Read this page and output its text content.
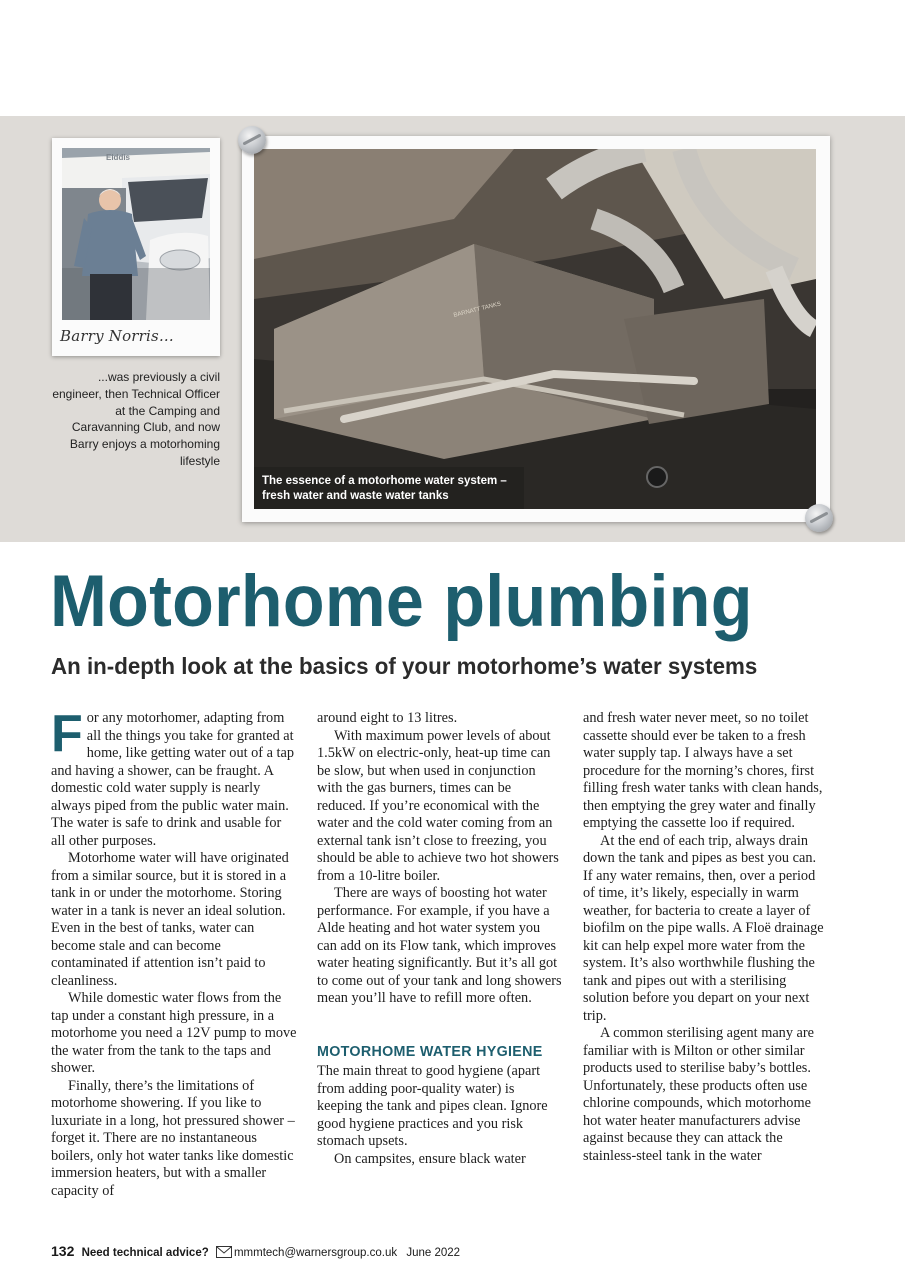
Elddis
Barry Norris...
...was previously a civil engineer, then Technical Officer at the Camping and Caravanning Club, and now Barry enjoys a motorhoming lifestyle
BARNATT TANKS
The essence of a motorhome water system –
fresh water and waste water tanks
Motorhome plumbing
An in-depth look at the basics of your motorhome’s water systems

For any motorhomer, adapting from all the things you take for granted at home, like getting water out of a tap and having a shower, can be fraught. A domestic cold water supply is nearly always piped from the public water main. The water is safe to drink and usable for all other purposes.

Motorhome water will have originated from a similar source, but it is stored in a tank in or under the motorhome. Storing water in a tank is never an ideal solution. Even in the best of tanks, water can become stale and can become contaminated if attention isn’t paid to cleanliness.

While domestic water flows from the tap under a constant high pressure, in a motorhome you need a 12V pump to move the water from the tank to the taps and shower.

Finally, there’s the limitations of motorhome showering. If you like to luxuriate in a long, hot pressured shower – forget it. There are no instantaneous boilers, only hot water tanks like domestic immersion heaters, but with a smaller capacity of

around eight to 13 litres.

With maximum power levels of about 1.5kW on electric-only, heat-up time can be slow, but when used in conjunction with the gas burners, times can be reduced. If you’re economical with the water and the cold water coming from an external tank isn’t close to freezing, you should be able to achieve two hot showers from a 10-litre boiler.

There are ways of boosting hot water performance. For example, if you have a Alde heating and hot water system you can add on its Flow tank, which improves water heating significantly. But it’s all got to come out of your tank and long showers mean you’ll have to refill more often.

MOTORHOME WATER HYGIENE

The main threat to good hygiene (apart from adding poor-quality water) is keeping the tank and pipes clean. Ignore good hygiene practices and you risk stomach upsets.

On campsites, ensure black water

and fresh water never meet, so no toilet cassette should ever be taken to a fresh water supply tap. I always have a set procedure for the morning’s chores, first filling fresh water tanks with clean hands, then emptying the grey water and finally emptying the cassette loo if required.

At the end of each trip, always drain down the tank and pipes as best you can. If any water remains, then, over a period of time, it’s likely, especially in warm weather, for bacteria to create a layer of biofilm on the pipe walls. A Floë drainage kit can help expel more water from the system. It’s also worthwhile flushing the tank and pipes out with a sterilising solution before you depart on your next trip.

A common sterilising agent many are familiar with is Milton or other similar products used to sterilise baby’s bottles. Unfortunately, these products often use chlorine compounds, which motorhome hot water heater manufacturers advise against because they can attack the stainless-steel tank in the water

132 Need technical advice? mmmtech@warnersgroup.co.uk June 2022
